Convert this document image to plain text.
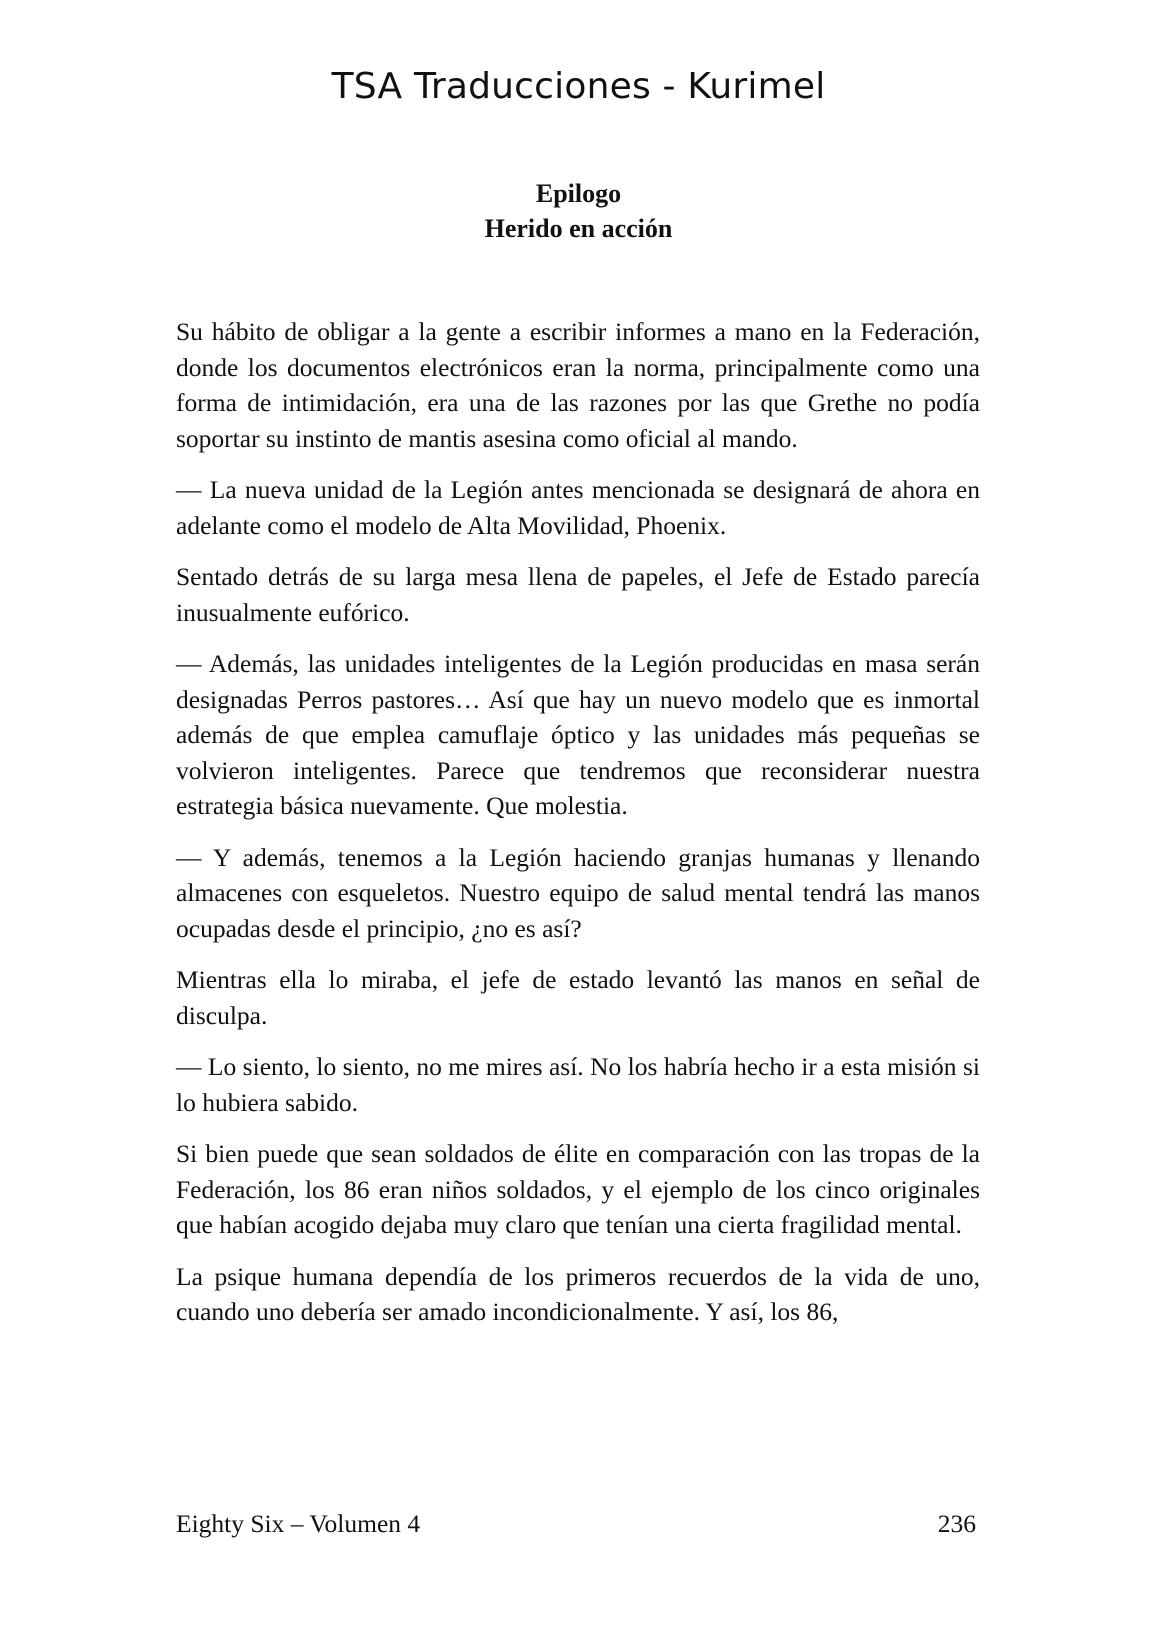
TSA Traducciones - Kurimel
Epilogo
Herido en acción

Su hábito de obligar a la gente a escribir informes a mano en la Federación, donde los documentos electrónicos eran la norma, principalmente como una forma de intimidación, era una de las razones por las que Grethe no podía soportar su instinto de mantis asesina como oficial al mando.

— La nueva unidad de la Legión antes mencionada se designará de ahora en adelante como el modelo de Alta Movilidad, Phoenix.

Sentado detrás de su larga mesa llena de papeles, el Jefe de Estado parecía inusualmente eufórico.

— Además, las unidades inteligentes de la Legión producidas en masa serán designadas Perros pastores… Así que hay un nuevo modelo que es inmortal además de que emplea camuflaje óptico y las unidades más pequeñas se volvieron inteligentes. Parece que tendremos que reconsiderar nuestra estrategia básica nuevamente. Que molestia.

— Y además, tenemos a la Legión haciendo granjas humanas y llenando almacenes con esqueletos. Nuestro equipo de salud mental tendrá las manos ocupadas desde el principio, ¿no es así?

Mientras ella lo miraba, el jefe de estado levantó las manos en señal de disculpa.

— Lo siento, lo siento, no me mires así. No los habría hecho ir a esta misión si lo hubiera sabido.

Si bien puede que sean soldados de élite en comparación con las tropas de la Federación, los 86 eran niños soldados, y el ejemplo de los cinco originales que habían acogido dejaba muy claro que tenían una cierta fragilidad mental.

La psique humana dependía de los primeros recuerdos de la vida de uno, cuando uno debería ser amado incondicionalmente. Y así, los 86,

Eighty Six – Volumen 4	236
